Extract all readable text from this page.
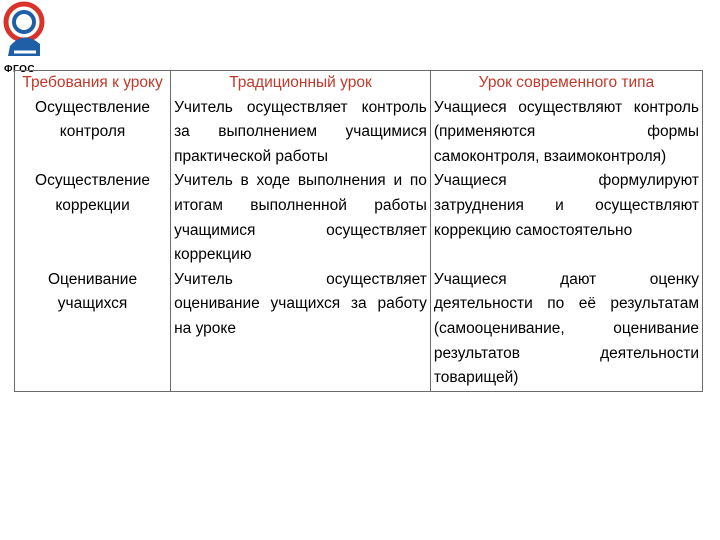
ФГОС
Требования к уроку	Традиционный урок	Урок современного типа
Осуществление контроля	Учитель осуществляет контроль за выполнением учащимися практической работы	Учащиеся осуществляют контроль (применяются формы самоконтроля, взаимоконтроля)
Осуществление коррекции	Учитель в ходе выполнения и по итогам выполненной работы учащимися осуществляет коррекцию	Учащиеся формулируют затруднения и осуществляют коррекцию самостоятельно
Оценивание учащихся	Учитель осуществляет оценивание учащихся за работу на уроке	Учащиеся дают оценку деятельности по её результатам (самооценивание, оценивание результатов деятельности товарищей)
